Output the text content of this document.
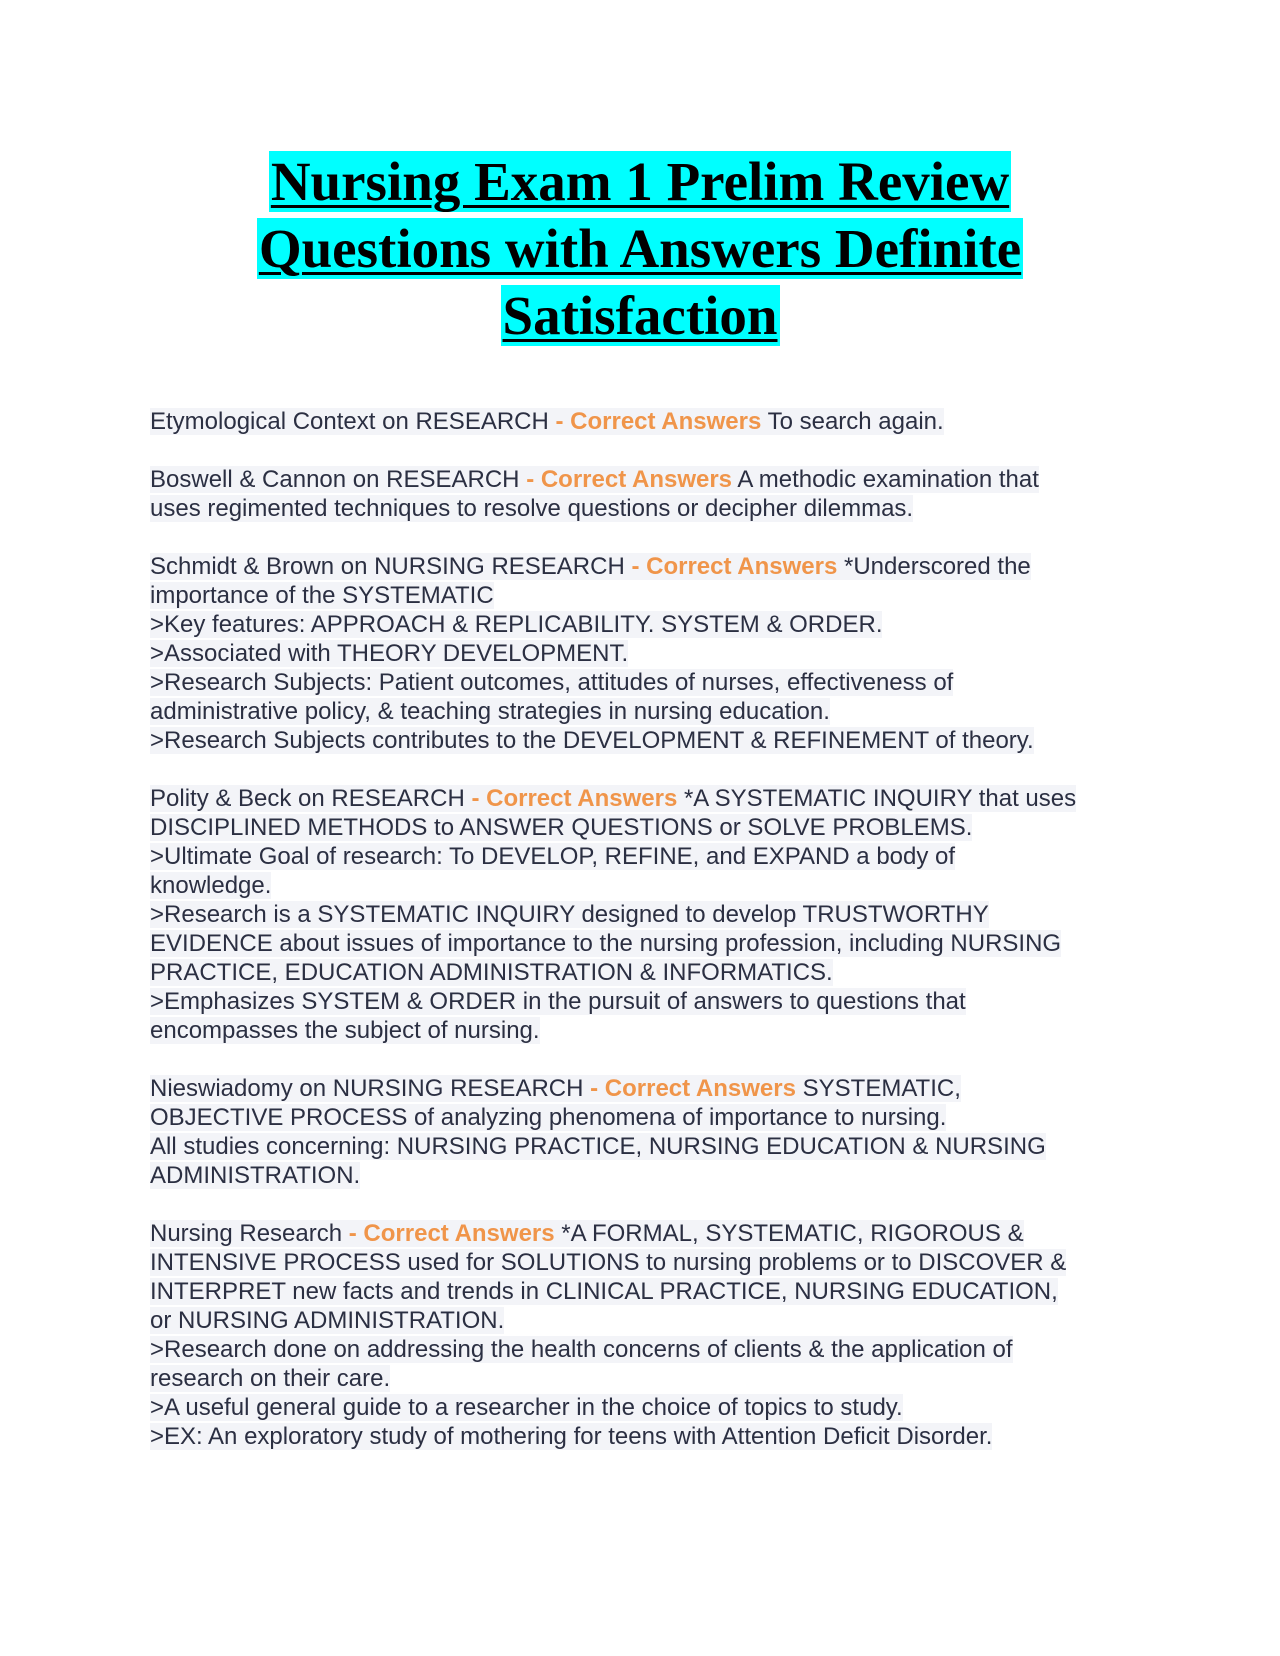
Nursing Exam 1 Prelim Review
Questions with Answers Definite
Satisfaction
Etymological Context on RESEARCH - Correct Answers To search again.
Boswell & Cannon on RESEARCH - Correct Answers A methodic examination that
uses regimented techniques to resolve questions or decipher dilemmas.
Schmidt & Brown on NURSING RESEARCH - Correct Answers *Underscored the
importance of the SYSTEMATIC
>Key features: APPROACH & REPLICABILITY. SYSTEM & ORDER.
>Associated with THEORY DEVELOPMENT.
>Research Subjects: Patient outcomes, attitudes of nurses, effectiveness of
administrative policy, & teaching strategies in nursing education.
>Research Subjects contributes to the DEVELOPMENT & REFINEMENT of theory.
Polity & Beck on RESEARCH - Correct Answers *A SYSTEMATIC INQUIRY that uses
DISCIPLINED METHODS to ANSWER QUESTIONS or SOLVE PROBLEMS.
>Ultimate Goal of research: To DEVELOP, REFINE, and EXPAND a body of
knowledge.
>Research is a SYSTEMATIC INQUIRY designed to develop TRUSTWORTHY
EVIDENCE about issues of importance to the nursing profession, including NURSING
PRACTICE, EDUCATION ADMINISTRATION & INFORMATICS.
>Emphasizes SYSTEM & ORDER in the pursuit of answers to questions that
encompasses the subject of nursing.
Nieswiadomy on NURSING RESEARCH - Correct Answers SYSTEMATIC,
OBJECTIVE PROCESS of analyzing phenomena of importance to nursing.
All studies concerning: NURSING PRACTICE, NURSING EDUCATION & NURSING
ADMINISTRATION.
Nursing Research - Correct Answers *A FORMAL, SYSTEMATIC, RIGOROUS &
INTENSIVE PROCESS used for SOLUTIONS to nursing problems or to DISCOVER &
INTERPRET new facts and trends in CLINICAL PRACTICE, NURSING EDUCATION,
or NURSING ADMINISTRATION.
>Research done on addressing the health concerns of clients & the application of
research on their care.
>A useful general guide to a researcher in the choice of topics to study.
>EX: An exploratory study of mothering for teens with Attention Deficit Disorder.
